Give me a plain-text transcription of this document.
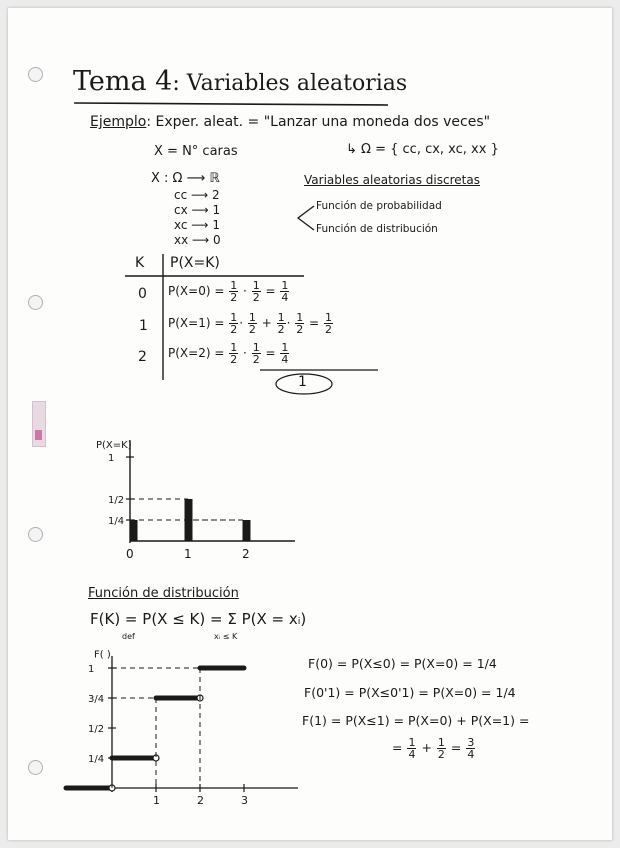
Tema 4: Variables aleatorias
Ejemplo: Exper. aleat. = "Lanzar una moneda dos veces"
X = N° caras	↳ Ω = { cc, cx, xc, xx }
X : Ω ⟶ ℝ
cc ⟶ 2
cx ⟶ 1
xc ⟶ 1
xx ⟶ 0
Variables aleatorias discretas
Función de probabilidad
Función de distribución
K P(X=K)
0 $P(X=0) = \frac{1}{2} \cdot \frac{1}{2} = \frac{1}{4}$
1 $P(X=1) = \frac{1}{2} \cdot \frac{1}{2} + \frac{1}{2} \cdot \frac{1}{2} = \frac{1}{2}$
2 $P(X=2) = \frac{1}{2} \cdot \frac{1}{2} = \frac{1}{4}$
1
P(X=K)
1/4
1/2
1
0	1	2
Función de distribución
F(K) = P(X ≤ K) = Σ P(X = xᵢ)
def	xᵢ ≤ K
F(0) = P(X≤0) = P(X=0) = 1/4
F(0'1) = P(X≤0'1) = P(X=0) = 1/4
F(1) = P(X≤1) = P(X=0) + P(X=1) =
= $\frac{1}{4} + \frac{1}{2} = \frac{3}{4}$
F( )
1/4
1/2
3/4
1
1	2	3
